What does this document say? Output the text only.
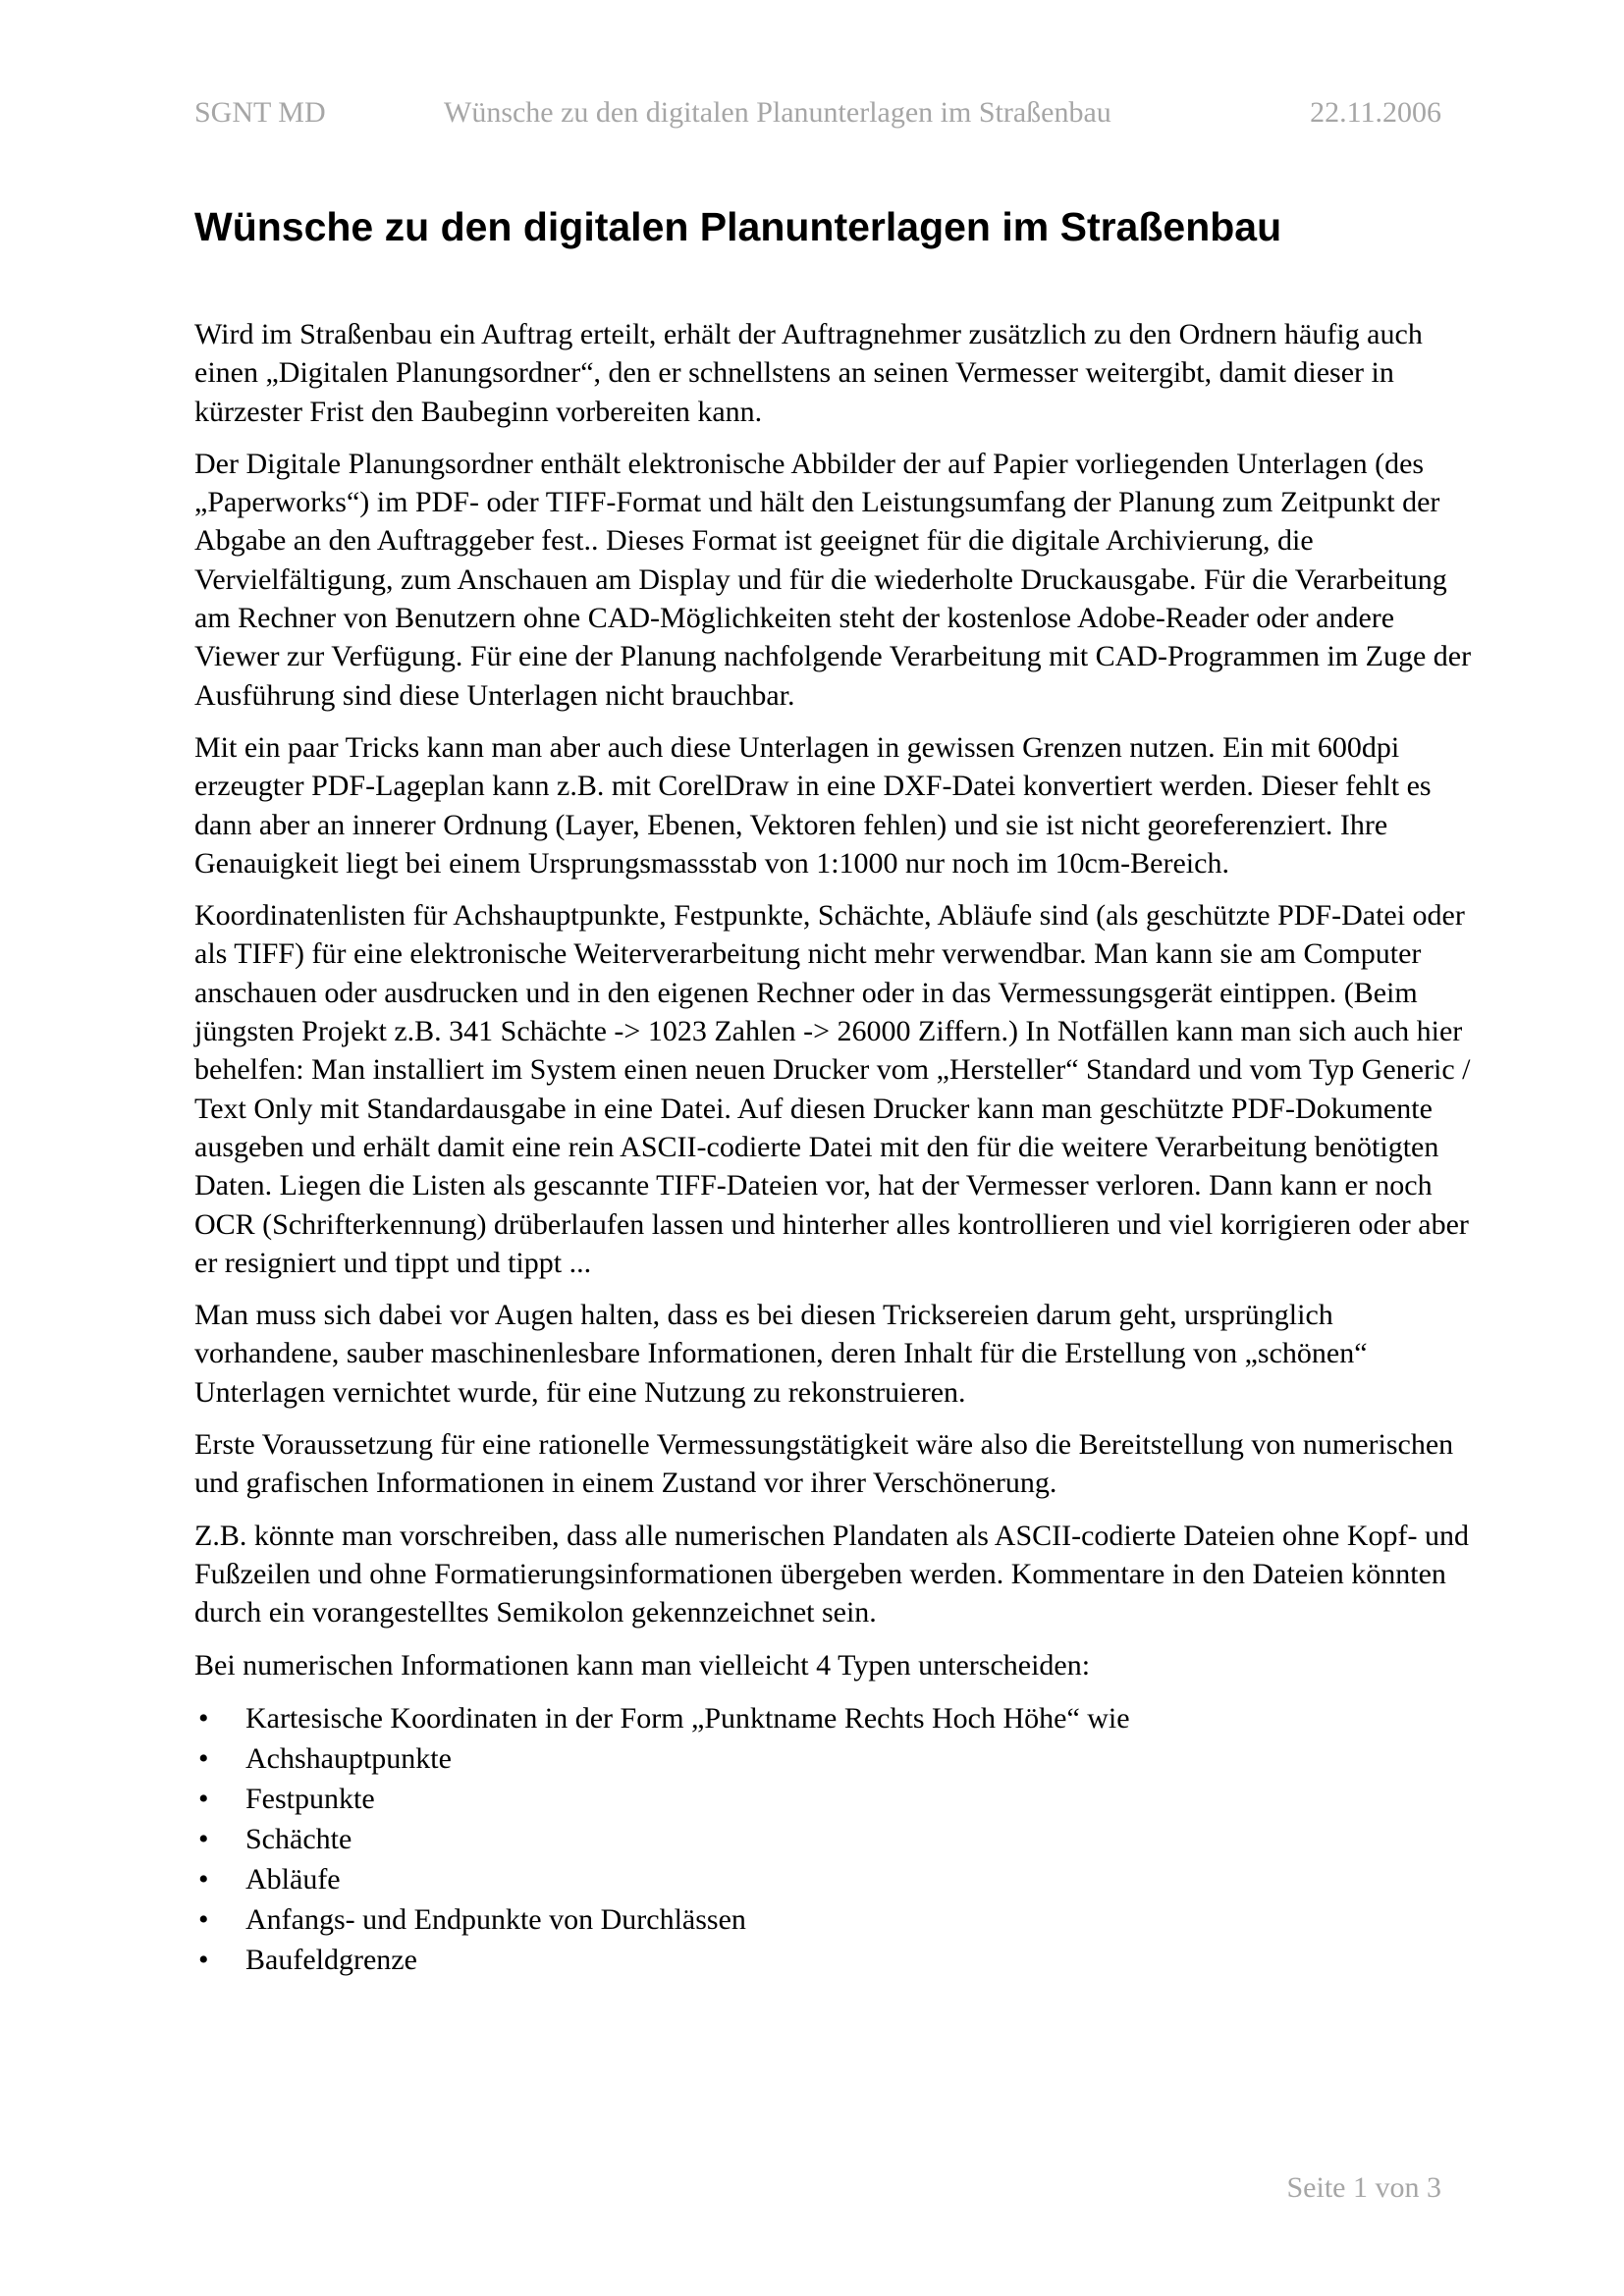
SGNT MD	Wünsche zu den digitalen Planunterlagen im Straßenbau	22.11.2006
Wünsche zu den digitalen Planunterlagen im Straßenbau

Wird im Straßenbau ein Auftrag erteilt, erhält der Auftragnehmer zusätzlich zu den Ordnern häufig auch einen „Digitalen Planungsordner“, den er schnellstens an seinen Vermesser weitergibt, damit dieser in kürzester Frist den Baubeginn vorbereiten kann.

Der Digitale Planungsordner enthält elektronische Abbilder der auf Papier vorliegenden Unterlagen (des „Paperworks“) im PDF- oder TIFF-Format und hält den Leistungsumfang der Planung zum Zeitpunkt der Abgabe an den Auftraggeber fest.. Dieses Format ist geeignet für die digitale Archivierung, die Vervielfältigung, zum Anschauen am Display und für die wiederholte Druckausgabe. Für die Verarbeitung am Rechner von Benutzern ohne CAD-Möglichkeiten steht der kostenlose Adobe-Reader oder andere Viewer zur Verfügung. Für eine der Planung nachfolgende Verarbeitung mit CAD-Programmen im Zuge der Ausführung sind diese Unterlagen nicht brauchbar.

Mit ein paar Tricks kann man aber auch diese Unterlagen in gewissen Grenzen nutzen. Ein mit 600dpi erzeugter PDF-Lageplan kann z.B. mit CorelDraw in eine DXF-Datei konvertiert werden. Dieser fehlt es dann aber an innerer Ordnung (Layer, Ebenen, Vektoren fehlen) und sie ist nicht georeferenziert. Ihre Genauigkeit liegt bei einem Ursprungsmassstab von 1:1000 nur noch im 10cm-Bereich.

Koordinatenlisten für Achshauptpunkte, Festpunkte, Schächte, Abläufe sind (als geschützte PDF-Datei oder als TIFF) für eine elektronische Weiterverarbeitung nicht mehr verwendbar. Man kann sie am Computer anschauen oder ausdrucken und in den eigenen Rechner oder in das Vermessungsgerät eintippen. (Beim jüngsten Projekt z.B. 341 Schächte -> 1023 Zahlen -> 26000 Ziffern.) In Notfällen kann man sich auch hier behelfen: Man installiert im System einen neuen Drucker vom „Hersteller“ Standard und vom Typ Generic / Text Only mit Standardausgabe in eine Datei. Auf diesen Drucker kann man geschützte PDF-Dokumente ausgeben und erhält damit eine rein ASCII-codierte Datei mit den für die weitere Verarbeitung benötigten Daten. Liegen die Listen als gescannte TIFF-Dateien vor, hat der Vermesser verloren. Dann kann er noch OCR (Schrifterkennung) drüberlaufen lassen und hinterher alles kontrollieren und viel korrigieren oder aber er resigniert und tippt und tippt ...

Man muss sich dabei vor Augen halten, dass es bei diesen Tricksereien darum geht, ursprünglich vorhandene, sauber maschinenlesbare Informationen, deren Inhalt für die Erstellung von „schönen“ Unterlagen vernichtet wurde, für eine Nutzung zu rekonstruieren.

Erste Voraussetzung für eine rationelle Vermessungstätigkeit wäre also die Bereitstellung von numerischen und grafischen Informationen in einem Zustand vor ihrer Verschönerung.

Z.B. könnte man vorschreiben, dass alle numerischen Plandaten als ASCII-codierte Dateien ohne Kopf- und Fußzeilen und ohne Formatierungsinformationen übergeben werden. Kommentare in den Dateien könnten durch ein vorangestelltes Semikolon gekennzeichnet sein.

Bei numerischen Informationen kann man vielleicht 4 Typen unterscheiden:

• Kartesische Koordinaten in der Form „Punktname Rechts Hoch Höhe“ wie
• Achshauptpunkte
• Festpunkte
• Schächte
• Abläufe
• Anfangs- und Endpunkte von Durchlässen
• Baufeldgrenze
Seite 1 von 3
